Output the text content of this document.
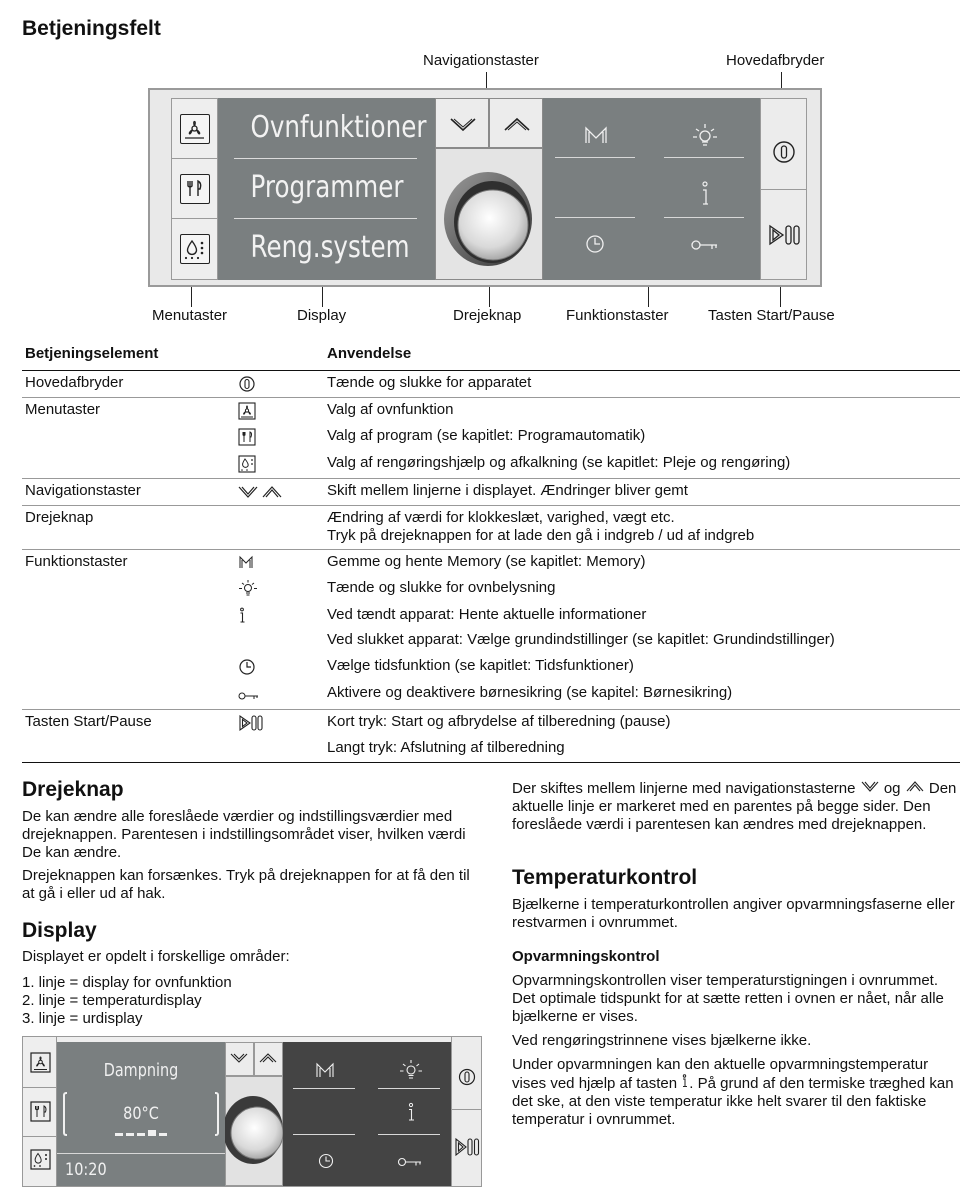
Betjeningsfelt
Navigationstaster	Hovedafbryder
Menutaster	Display	Drejeknap	Funktionstaster	Tasten Start/Pause
Ovnfunktioner
Programmer
Reng.system
Betjeningselement		Anvendelse
Hovedafbryder		Tænde og slukke for apparatet
Menutaster		Valg af ovnfunktion
		Valg af program (se kapitlet: Programautomatik)
		Valg af rengøringshjælp og afkalkning (se kapitlet: Pleje og rengøring)
Navigationstaster		Skift mellem linjerne i displayet. Ændringer bliver gemt
Drejeknap		Ændring af værdi for klokkeslæt, varighed, vægt etc.
Tryk på drejeknappen for at lade den gå i indgreb / ud af indgreb

Funktionstaster		Gemme og hente Memory (se kapitlet: Memory)
		Tænde og slukke for ovnbelysning
		Ved tændt apparat: Hente aktuelle informationer
		Ved slukket apparat: Vælge grundindstillinger (se kapitlet: Grundindstillinger)
		Vælge tidsfunktion (se kapitlet: Tidsfunktioner)
		Aktivere og deaktivere børnesikring (se kapitel: Børnesikring)
Tasten Start/Pause		Kort tryk: Start og afbrydelse af tilberedning (pause)
		Langt tryk: Afslutning af tilberedning
Drejeknap
De kan ændre alle foreslåede værdier og indstillingsværdier med drejeknappen. Parentesen i indstillingsområdet viser, hvilken værdi De kan ændre.
Drejeknappen kan forsænkes. Tryk på drejeknappen for at få den til at gå i eller ud af hak.
Display
Displayet er opdelt i forskellige områder:
1. linje = display for ovnfunktion
2. linje = temperaturdisplay
3. linje = urdisplay
Dampning
80°C
10:20
Der skiftes mellem linjerne med navigationstasterne og Den aktuelle linje er markeret med en parentes på begge sider. Den foreslåede værdi i parentesen kan ændres med drejeknappen.
Temperaturkontrol
Bjælkerne i temperaturkontrollen angiver opvarmningsfaserne eller restvarmen i ovnrummet.
Opvarmningskontrol
Opvarmningskontrollen viser temperaturstigningen i ovnrummet. Det optimale tidspunkt for at sætte retten i ovnen er nået, når alle bjælkerne er vises.
Ved rengøringstrinnene vises bjælkerne ikke.
Under opvarmningen kan den aktuelle opvarmningstemperatur vises ved hjælp af tasten . På grund af den termiske træghed kan det ske, at den viste temperatur ikke helt svarer til den faktiske temperatur i ovnrummet.
